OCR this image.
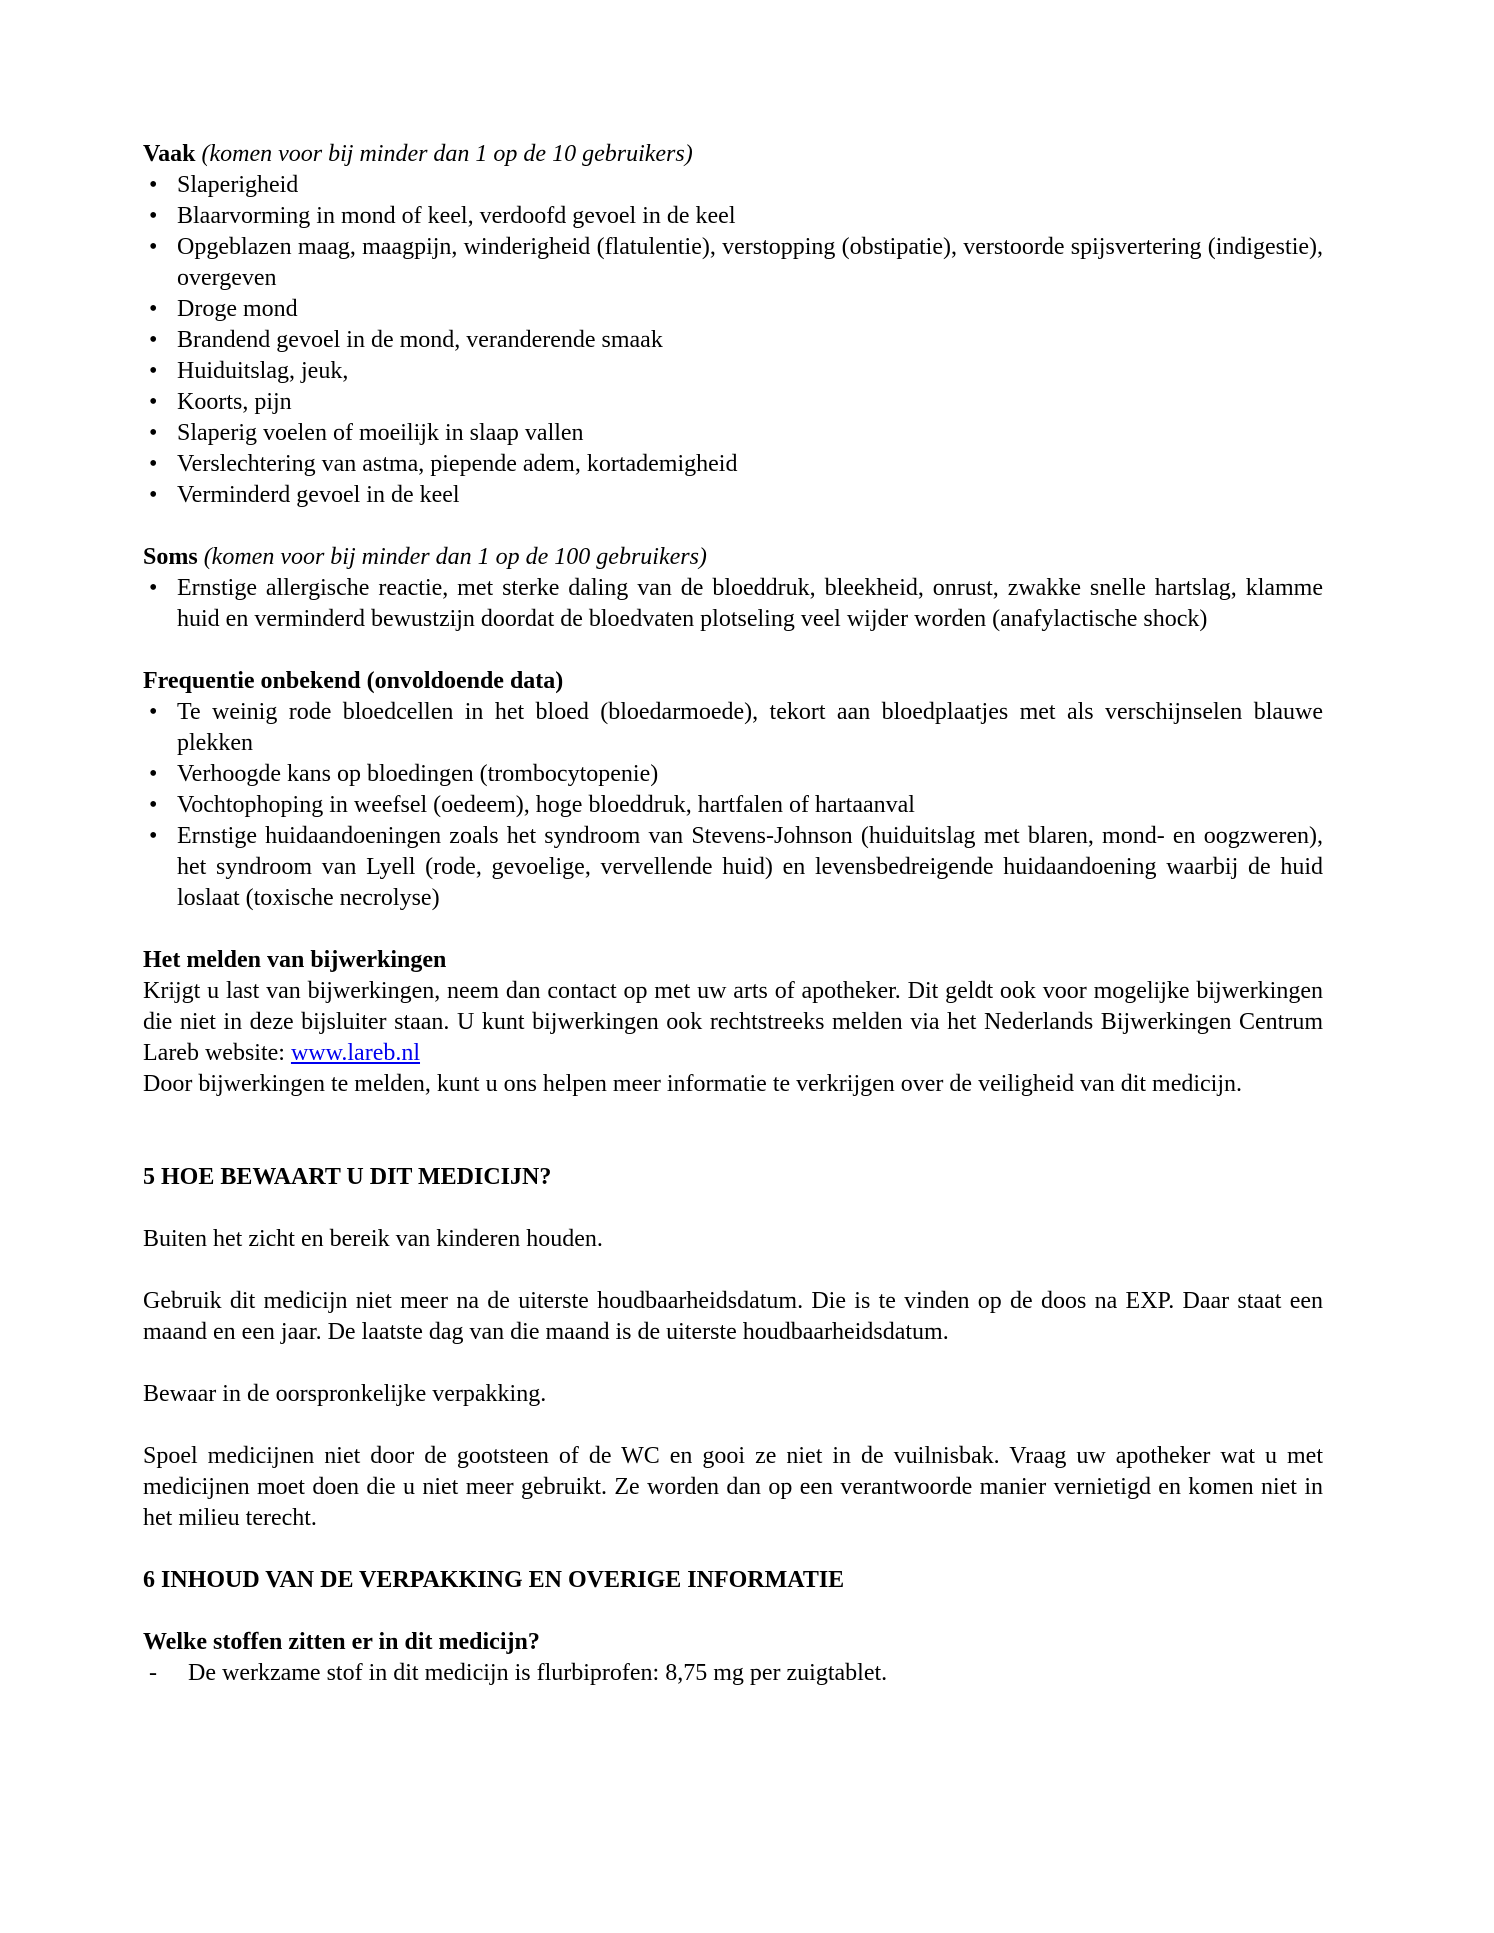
Vaak (komen voor bij minder dan 1 op de 10 gebruikers)

• Slaperigheid
• Blaarvorming in mond of keel, verdoofd gevoel in de keel
• Opgeblazen maag, maagpijn, winderigheid (flatulentie), verstopping (obstipatie), verstoorde spijsvertering (indigestie), overgeven
• Droge mond
• Brandend gevoel in de mond, veranderende smaak
• Huiduitslag, jeuk,
• Koorts, pijn
• Slaperig voelen of moeilijk in slaap vallen
• Verslechtering van astma, piepende adem, kortademigheid
• Verminderd gevoel in de keel

Soms (komen voor bij minder dan 1 op de 100 gebruikers)

• Ernstige allergische reactie, met sterke daling van de bloeddruk, bleekheid, onrust, zwakke snelle hartslag, klamme huid en verminderd bewustzijn doordat de bloedvaten plotseling veel wijder worden (anafylactische shock)

Frequentie onbekend (onvoldoende data)

• Te weinig rode bloedcellen in het bloed (bloedarmoede), tekort aan bloedplaatjes met als verschijnselen blauwe plekken
• Verhoogde kans op bloedingen (trombocytopenie)
• Vochtophoping in weefsel (oedeem), hoge bloeddruk, hartfalen of hartaanval
• Ernstige huidaandoeningen zoals het syndroom van Stevens-Johnson (huiduitslag met blaren, mond- en oogzweren), het syndroom van Lyell (rode, gevoelige, vervellende huid) en levensbedreigende huidaandoening waarbij de huid loslaat (toxische necrolyse)

Het melden van bijwerkingen

Krijgt u last van bijwerkingen, neem dan contact op met uw arts of apotheker. Dit geldt ook voor mogelijke bijwerkingen die niet in deze bijsluiter staan. U kunt bijwerkingen ook rechtstreeks melden via het Nederlands Bijwerkingen Centrum Lareb website: www.lareb.nl

Door bijwerkingen te melden, kunt u ons helpen meer informatie te verkrijgen over de veiligheid van dit medicijn.

5 HOE BEWAART U DIT MEDICIJN?

Buiten het zicht en bereik van kinderen houden.

Gebruik dit medicijn niet meer na de uiterste houdbaarheidsdatum. Die is te vinden op de doos na EXP. Daar staat een maand en een jaar. De laatste dag van die maand is de uiterste houdbaarheidsdatum.

Bewaar in de oorspronkelijke verpakking.

Spoel medicijnen niet door de gootsteen of de WC en gooi ze niet in de vuilnisbak. Vraag uw apotheker wat u met medicijnen moet doen die u niet meer gebruikt. Ze worden dan op een verantwoorde manier vernietigd en komen niet in het milieu terecht.

6 INHOUD VAN DE VERPAKKING EN OVERIGE INFORMATIE

Welke stoffen zitten er in dit medicijn?

- De werkzame stof in dit medicijn is flurbiprofen: 8,75 mg per zuigtablet.
